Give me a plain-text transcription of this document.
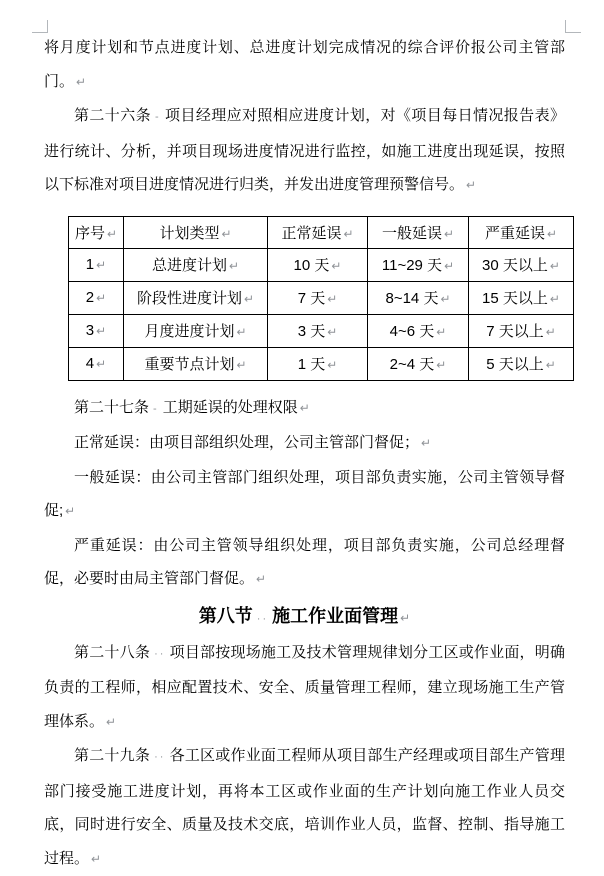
将月度计划和节点进度计划、总进度计划完成情况的综合评价报公司主管部门。 ↵

第二十六条 - 项目经理应对照相应进度计划，对《项目每日情况报告表》进行统计、分析，并项目现场进度情况进行监控，如施工进度出现延误，按照以下标准对项目进度情况进行归类，并发出进度管理预警信号。 ↵

序号 ↵	计划类型 ↵	正常延误 ↵	一般延误 ↵	严重延误 ↵
1 ↵	总进度计划 ↵	10 天 ↵	11~29 天 ↵	30 天以上 ↵
2 ↵	阶段性进度计划 ↵	7 天 ↵	8~14 天 ↵	15 天以上 ↵
3 ↵	月度进度计划 ↵	3 天 ↵	4~6 天 ↵	7 天以上 ↵
4 ↵	重要节点计划 ↵	1 天 ↵	2~4 天 ↵	5 天以上 ↵

第二十七条 - 工期延误的处理权限 ↵

正常延误：由项目部组织处理，公司主管部门督促； ↵

一般延误：由公司主管部门组织处理，项目部负责实施，公司主管领导督促; ↵

严重延误：由公司主管领导组织处理，项目部负责实施，公司总经理督促，必要时由局主管部门督促。 ↵

第八节 ·· 施工作业面管理 ↵

第二十八条 ·· 项目部按现场施工及技术管理规律划分工区或作业面，明确负责的工程师，相应配置技术、安全、质量管理工程师，建立现场施工生产管理体系。 ↵

第二十九条 ·· 各工区或作业面工程师从项目部生产经理或项目部生产管理部门接受施工进度计划，再将本工区或作业面的生产计划向施工作业人员交底，同时进行安全、质量及技术交底，培训作业人员，监督、控制、指导施工过程。 ↵
